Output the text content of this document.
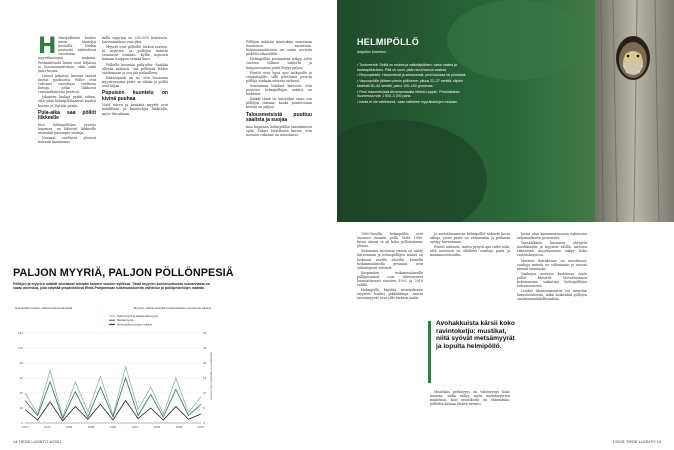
H elmipöllöistä kuulee usein ääntelyä keväällä. Niiden pesinnät vaihtelevat vuosittain myyräkantojen mukaan. Pesimättömät linnut ovat hiljaisia ja huomaamattomia, eikä niitä juuri tavata.

Linnut jatkavat, kunnes saavat tiedon puolisosta. Pöllöt ovat vahvasti vuosittain vaeltavia lintuja, jotka liikkuvat ravintotilanteen perässä.

Jokainen laulaja pyrkii siihen, että jokin helmipöllönaaras kuulisi kutsun ja löytäisi pesän.

Pula-aika saa pöllöt liikkeelle

Kun helmipöllöjen ravinto hupenee, ne lähtevät liikkeelle etsimään parempia seutuja.

Naaraat vaeltavat yleensä koiraita kauemmas.

millä myyrien on 200–300 hehtaaria, harvinaisilaan vain yksi.

Myyrät ovat pöllöille tärkeä ravinto, ja myyrien ja pöllöjen määrät seuraavat toisiaan. Kyllin nopeasti kannan huippua seuraa kato.

Pöllöille kotimaa pula-aika. Saaliita ollessa niukasti, osa pöllöistä lähtee vaeltamaan ja osa jää paikoilleen.

Kääntöpuoli on se, että huonoina myyrävuosina pesiä on vähän ja pöllöt ovat hiljaa.

Pupuisen kuuntelu on kivinä puuhaa

Vielä talvea ja keväänä myyrät ovat kohdillaan ja kuuntelijat liikkeellä, myös ilta-aikaan.

Pöllöjen määrän muutoksia seurataan Suomessa vuosittain. Kokonaismäärästä on saatu arvioita pitkältä aikaväliltä.

Helmipöllön pesinnässä näkyy selvä vuosien välinen vaihtelu ja huippuvuosina pesiä löytyy paljon.

Pöntöt ovat hyvä apu tutkijoille ja rengastajille, sillä pöntöissä pesiviä pöllöjä voidaan seurata tarkasti.

Seurannan tulokset kertovat, että pesivien helmipöllöjen määrä on laskenut.

Kaikki tämä on kuitenkin vasta osa pöllöjen tarinaa, koska pöntöttömiä metsiä on paljon.

Talousmetsistä puuttuu saalista ja suojaa

Kun linjataan helmipöllön taantumisen syitä, Eskari Meriläinen kertoo, että metsien rakenne on muuttunut.

PALJON MYYRIÄ, PALJON PÖLLÖNPESIÄ
Pöllöjen ja myyrien määrät seuraavat toisiaan kolmen vuoden syklissä. Tästä myyrien kolmivuotisesta seurannasta on saatu aineistoa, joka näyttää ympäristössä Etelä-Pohjanmaan tutkimusalueella vaihtelun ja pöllöpesintöjen määrän.
Helmipöllön pesien määrä tutkimusalueella	Myyrien määrä syksyllä kuukausittaisen seurannan aikana
Peltomyyrä ja idänkenttämyyrä
Metsämyyrä
Helmipöllön pesien määrä
0	0
20	5
40	10
60	15
80	20
100	25
120	30
1973	1978	1983	1988	1993	1997	2003	2008	2015
Aineisto: Risto Korpimäki, Jouni Riihimäki
14 TIEDE LUONTO 1/2021
HELMIPÖLLÖ
Aegolius funereus
• Tuntomerkit: Selkä on ruskea ja valkotäpläinen, vatsa vaalea ja ruskeapilkkuinen. Pää on suuri, pään sivut kasvot vaaleat.
• Elinympäristö: Havumetsät ja sekametsät, pesii kolossa tai pöntössä.
• Varpuspöllön jälkeen pienin pöllömme: pituus 22–27 senttiä, siipien kärkiväli 50–62 senttiä, paino 105–160 grammaa.
• Pesii havumetsissä Ahvenanmaalta Metsä-Lappiin. Pesimäkanta Suomessa noin 1 500–4 200 paria.
• Kanta ei ole vakiintunut, vaan vaihtelee myyräkantojen mukaan.

1960-luvulla, helmipöllöt ovat Suomen runsain pöllö. Vielä 1990-luvun alussa se oli koko pöllöistämme yleisin.

Sittemmin suotuisia vuosia on nähty harvemmin ja helmipöllöjen määrä on laskenut useilla alueilla. Monella tutkimusalueella pesinnät ovat vähentyneet selvästi.

Korpimäen tutkimusalueella pöllöpesinnät ovat vähentyneet huomattavasti vuosien 1992 ja 2018 välillä.

Helmipöllö käyttää ravinnokseen myyrien lisäksi pikkulintuja, mutta metsämyyrät ovat sille tärkein saalis.

Jo metsäluonnossa helmipöllöt näkevät kovia aikoja, joten pesiä on vähemmän ja poikasia syntyy harvemmin.

Pöntöt auttavat, mutta pysyvä apu tulee siitä, että metsissä on edelleen vanhoja puita ja monimuotoisuutta.

Avohakkuista kärsii koko ravintoketju: mustikat, niitä syövät metsämyyrät ja lopulta helmipöllö.

Mustikan peittävyys on vähentynyt koko maassa, mikä näkyy myös metsämyyrien määrässä. Kun mustikoita on vähemmän, pöllöiltä katoaa tärkeä ravinto.

luvun alun kymmenesosasta nykyiseen neljännekseen prosenttia.

Taaskäikissä kuvaavat yhteyttä mustikoiden ja myyrien välillä, metsien rakenteen muuttuminen näkyy koko ravintoketjussa.

Metsien ikärakenne on muuttunut, vanhoja metsiä on vähemmän ja nuoria metsiä enemmän.

Vanhojen metsien kadotessa myös pöllöt kärsivät. Metsäluonnon kokonaisuus vaikuttaa helmipöllöjen tulevaisuuteen.

Lisäksi ilmastonmuutos voi muuttaa lumiolosuhteita, mikä heikentää pöllöjen saalistusmahdollisuuksia.

1/2021 TIEDE LUONTO 15
